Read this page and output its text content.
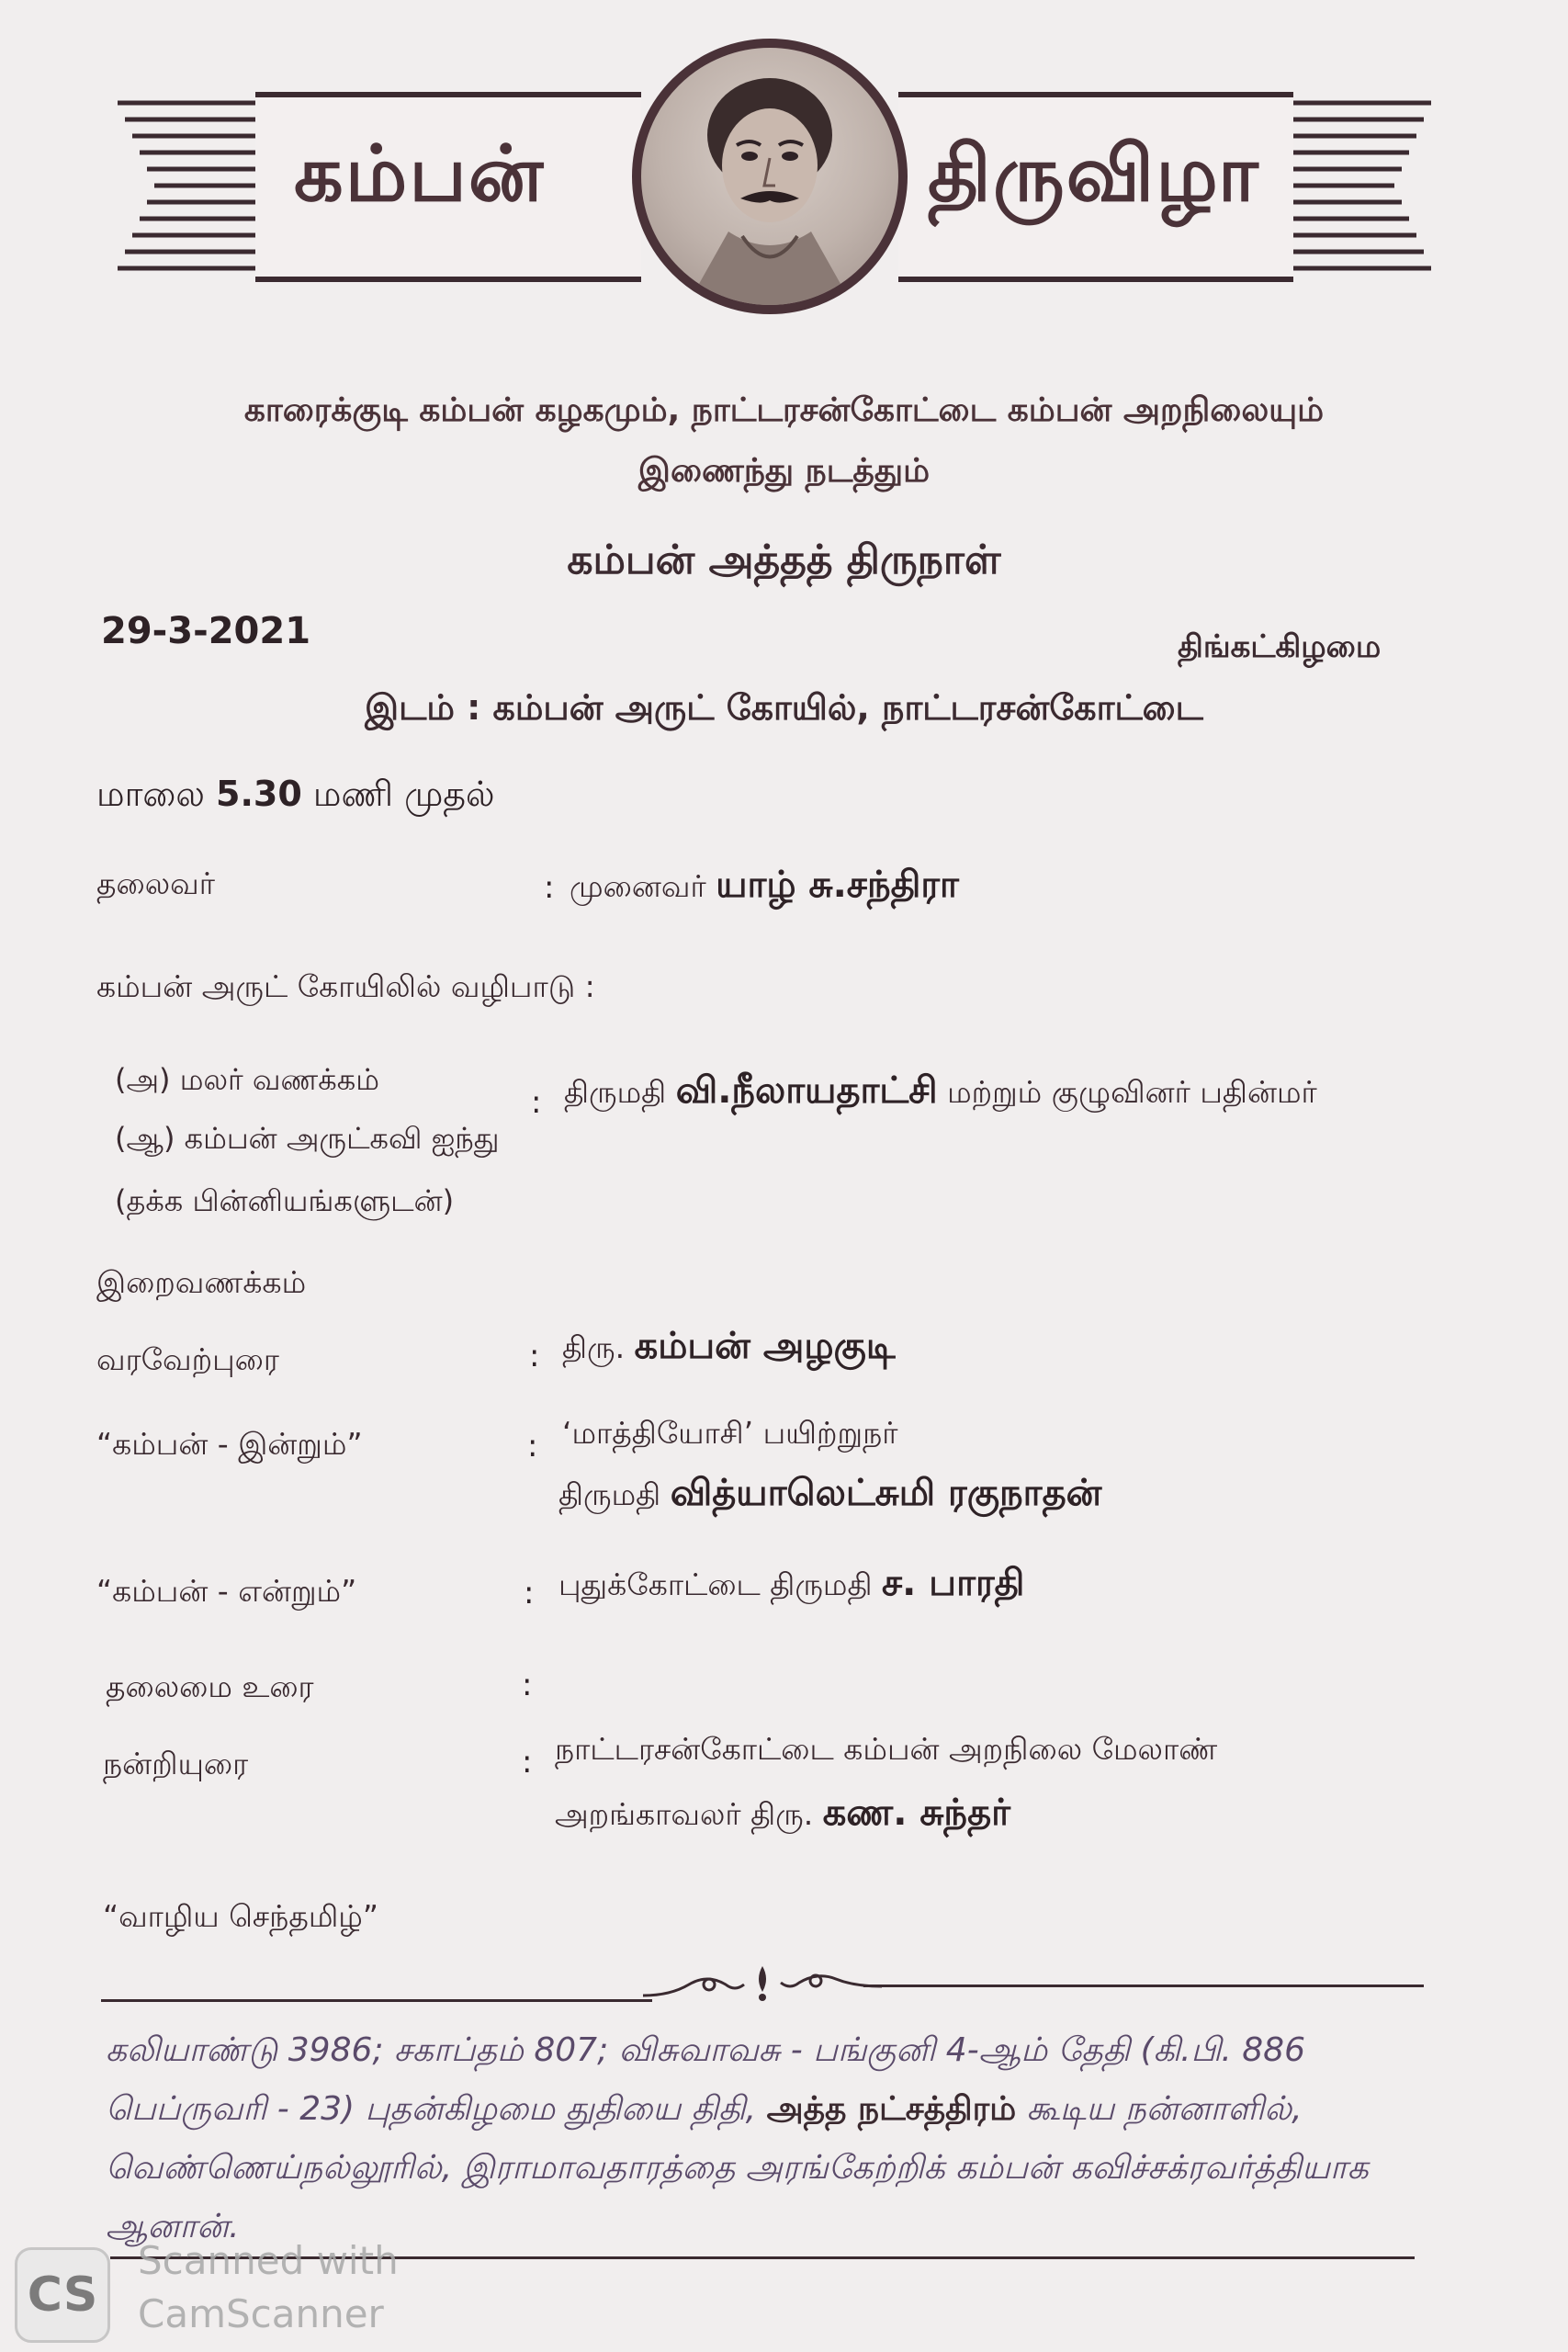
கம்பன்	திருவிழா
காரைக்குடி கம்பன் கழகமும், நாட்டரசன்கோட்டை கம்பன் அறநிலையும்
இணைந்து நடத்தும்
கம்பன் அத்தத் திருநாள்
29-3-2021	திங்கட்கிழமை
இடம் : கம்பன் அருட் கோயில், நாட்டரசன்கோட்டை
மாலை 5.30 மணி முதல்
தலைவர்	: முனைவர் யாழ் சு.சந்திரா
கம்பன் அருட் கோயிலில் வழிபாடு :
(அ) மலர் வணக்கம்
(ஆ) கம்பன் அருட்கவி ஐந்து
(தக்க பின்னியங்களுடன்)
: திருமதி வி.நீலாயதாட்சி மற்றும் குழுவினர் பதின்மர்
இறைவணக்கம்
வரவேற்புரை	: திரு. கம்பன் அழகுடி
“கம்பன் - இன்றும்”	: ‘மாத்தியோசி’ பயிற்றுநர்
திருமதி வித்யாலெட்சுமி ரகுநாதன்
“கம்பன் - என்றும்”	: புதுக்கோட்டை திருமதி ச. பாரதி
தலைமை உரை	:
நன்றியுரை	: நாட்டரசன்கோட்டை கம்பன் அறநிலை மேலாண்
அறங்காவலர் திரு. கண. சுந்தர்
“வாழிய செந்தமிழ்”
கலியாண்டு 3986; சகாப்தம் 807; விசுவாவசு - பங்குனி 4-ஆம் தேதி (கி.பி. 886 பெப்ருவரி - 23) புதன்கிழமை துதியை திதி, அத்த நட்சத்திரம் கூடிய நன்னாளில், வெண்ணெய்நல்லூரில், இராமாவதாரத்தை அரங்கேற்றிக் கம்பன் கவிச்சக்ரவர்த்தியாக ஆனான்.
CS
Scanned with
CamScanner
